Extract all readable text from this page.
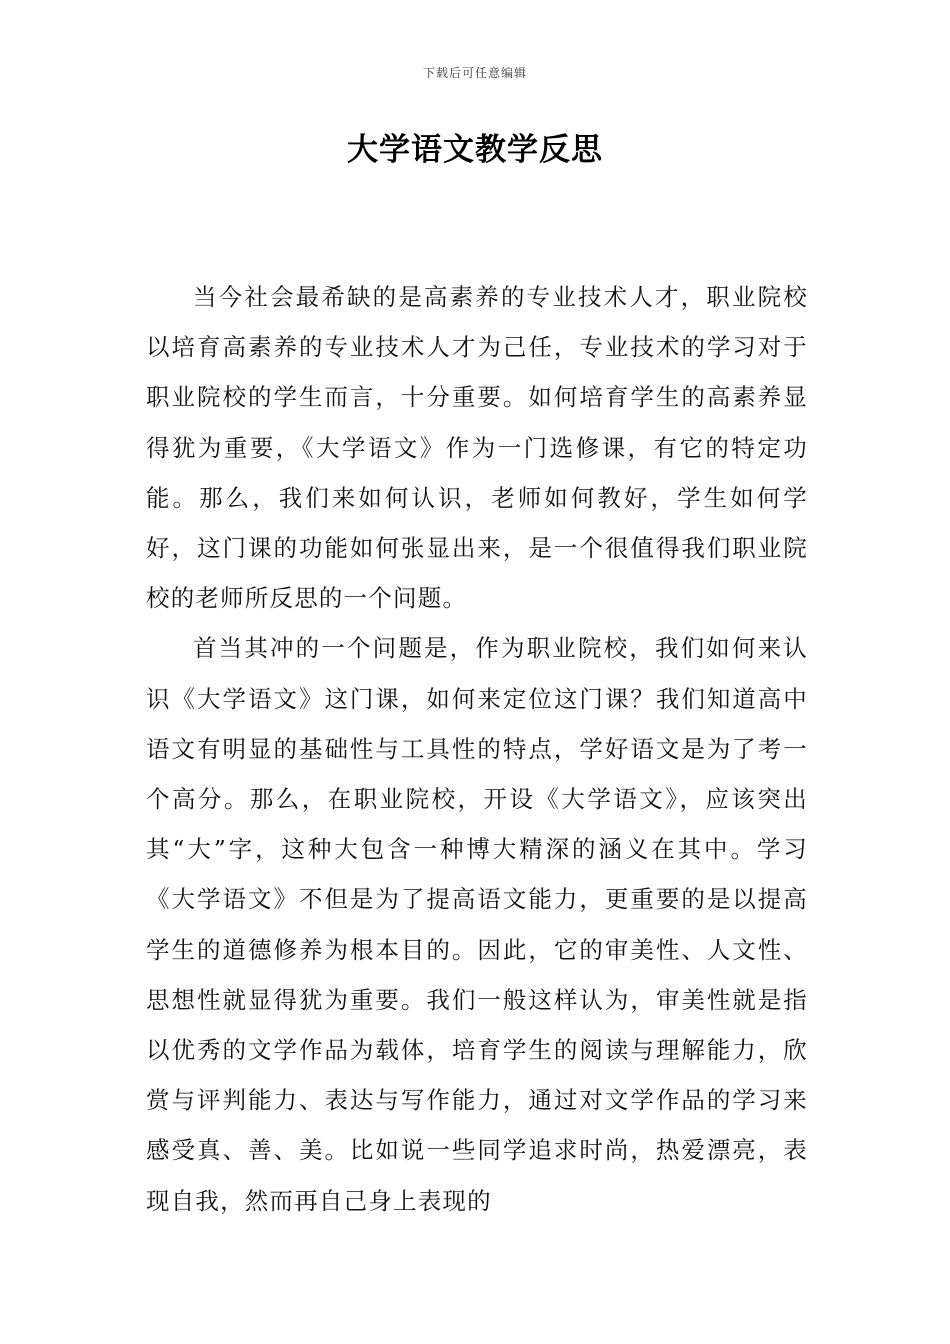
下载后可任意编辑
大学语文教学反思

当今社会最希缺的是高素养的专业技术人才，职业院校以培育高素养的专业技术人才为己任，专业技术的学习对于职业院校的学生而言，十分重要。如何培育学生的高素养显得犹为重要，《大学语文》作为一门选修课，有它的特定功能。那么，我们来如何认识，老师如何教好，学生如何学好，这门课的功能如何张显出来，是一个很值得我们职业院校的老师所反思的一个问题。

首当其冲的一个问题是，作为职业院校，我们如何来认识《大学语文》这门课，如何来定位这门课？我们知道高中语文有明显的基础性与工具性的特点，学好语文是为了考一个高分。那么，在职业院校，开设《大学语文》，应该突出其“大”字，这种大包含一种博大精深的涵义在其中。学习《大学语文》不但是为了提高语文能力，更重要的是以提高学生的道德修养为根本目的。因此，它的审美性、人文性、思想性就显得犹为重要。我们一般这样认为，审美性就是指以优秀的文学作品为载体，培育学生的阅读与理解能力，欣赏与评判能力、表达与写作能力，通过对文学作品的学习来感受真、善、美。比如说一些同学追求时尚，热爱漂亮，表现自我，然而再自己身上表现的
